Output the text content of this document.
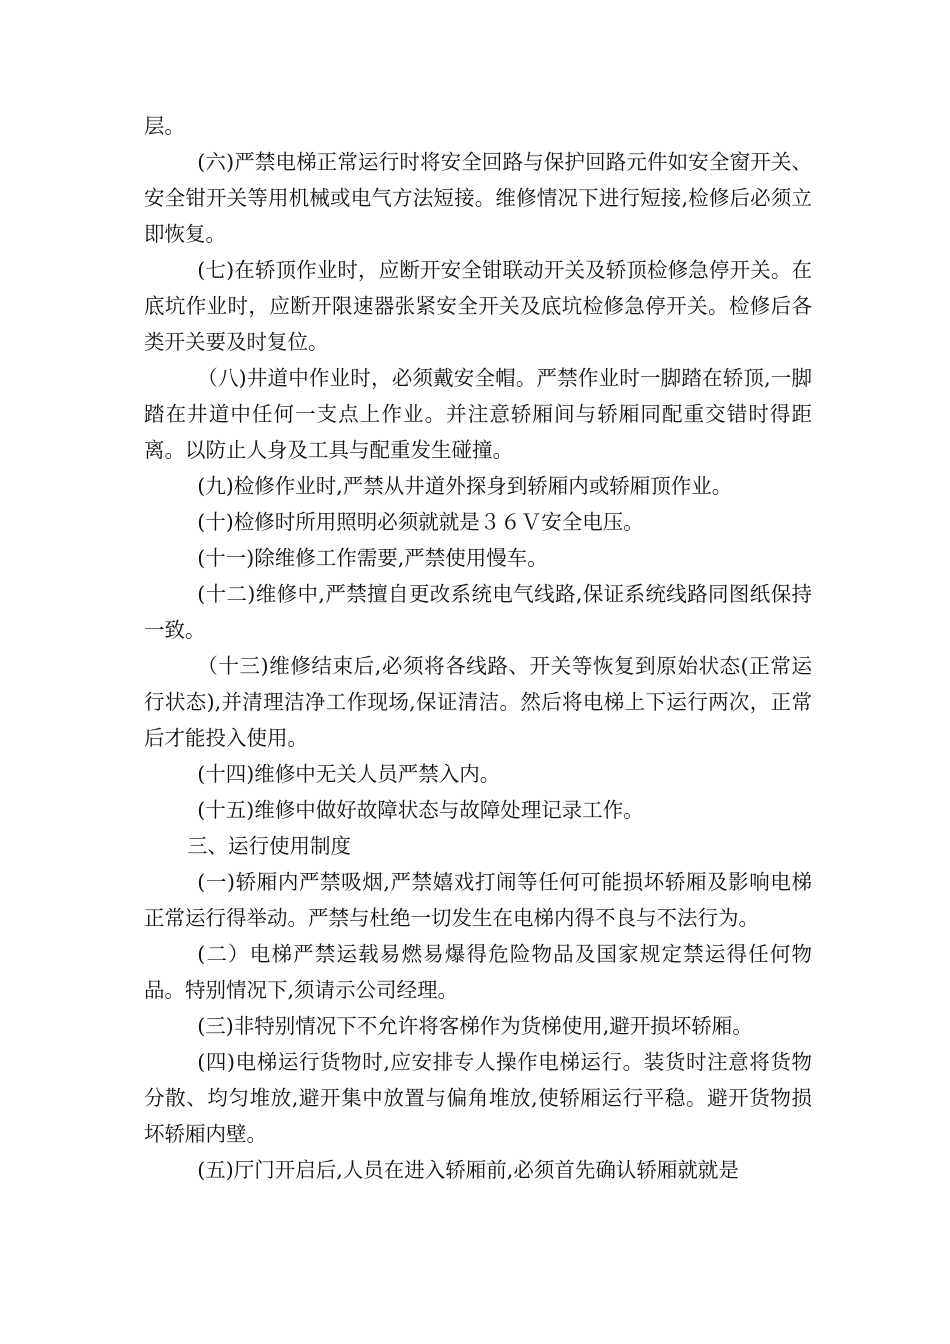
层。

(六)严禁电梯正常运行时将安全回路与保护回路元件如安全窗开关、安全钳开关等用机械或电气方法短接。维修情况下进行短接,检修后必须立即恢复。

(七)在轿顶作业时，应断开安全钳联动开关及轿顶检修急停开关。在底坑作业时，应断开限速器张紧安全开关及底坑检修急停开关。检修后各类开关要及时复位。

（八)井道中作业时，必须戴安全帽。严禁作业时一脚踏在轿顶,一脚踏在井道中任何一支点上作业。并注意轿厢间与轿厢同配重交错时得距离。以防止人身及工具与配重发生碰撞。

(九)检修作业时,严禁从井道外探身到轿厢内或轿厢顶作业。

(十)检修时所用照明必须就就是３６Ｖ安全电压。

(十一)除维修工作需要,严禁使用慢车。

(十二)维修中,严禁擅自更改系统电气线路,保证系统线路同图纸保持一致。

（十三)维修结束后,必须将各线路、开关等恢复到原始状态(正常运行状态),并清理洁净工作现场,保证清洁。然后将电梯上下运行两次，正常后才能投入使用。

(十四)维修中无关人员严禁入内。

(十五)维修中做好故障状态与故障处理记录工作。

三、运行使用制度

(一)轿厢内严禁吸烟,严禁嬉戏打闹等任何可能损坏轿厢及影响电梯正常运行得举动。严禁与杜绝一切发生在电梯内得不良与不法行为。

(二）电梯严禁运载易燃易爆得危险物品及国家规定禁运得任何物品。特别情况下,须请示公司经理。

(三)非特别情况下不允许将客梯作为货梯使用,避开损坏轿厢。

(四)电梯运行货物时,应安排专人操作电梯运行。装货时注意将货物分散、均匀堆放,避开集中放置与偏角堆放,使轿厢运行平稳。避开货物损坏轿厢内壁。

(五)厅门开启后,人员在进入轿厢前,必须首先确认轿厢就就是
